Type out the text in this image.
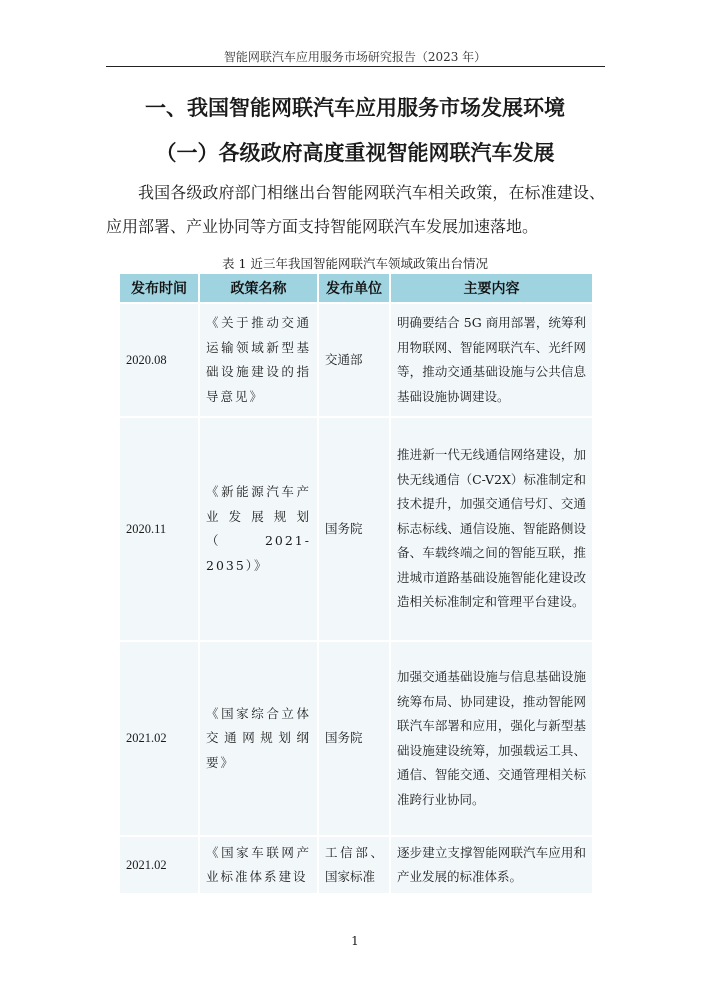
智能网联汽车应用服务市场研究报告（2023 年）
一、我国智能网联汽车应用服务市场发展环境
（一）各级政府高度重视智能网联汽车发展
我国各级政府部门相继出台智能网联汽车相关政策，在标准建设、应用部署、产业协同等方面支持智能网联汽车发展加速落地。
表 1 近三年我国智能网联汽车领域政策出台情况
发布时间	政策名称	发布单位	主要内容
2020.08	《关于推动交通运输领域新型基础设施建设的指导意见》	交通部	明确要结合 5G 商用部署，统筹利用物联网、智能网联汽车、光纤网等，推动交通基础设施与公共信息基础设施协调建设。
2020.11	《新能源汽车产业发展规划（2021-2035）》	国务院	推进新一代无线通信网络建设，加快无线通信（C-V2X）标准制定和技术提升，加强交通信号灯、交通标志标线、通信设施、智能路侧设备、车载终端之间的智能互联，推进城市道路基础设施智能化建设改造相关标准制定和管理平台建设。
2021.02	《国家综合立体交通网规划纲要》	国务院	加强交通基础设施与信息基础设施统筹布局、协同建设，推动智能网联汽车部署和应用，强化与新型基础设施建设统筹，加强载运工具、通信、智能交通、交通管理相关标准跨行业协同。
2021.02	《国家车联网产业标准体系建设	工信部、国家标准	逐步建立支撑智能网联汽车应用和产业发展的标准体系。
1
